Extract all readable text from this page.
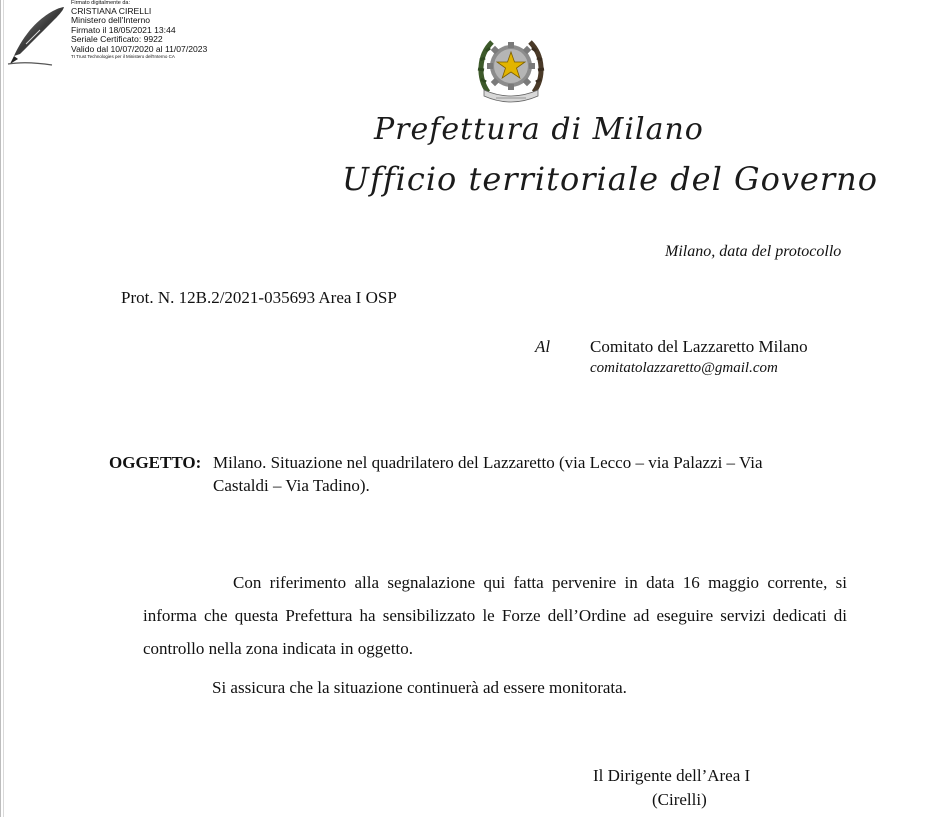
Firmato digitalmente da:
CRISTIANA CIRELLI
Ministero dell'Interno
Firmato il 18/05/2021 13:44
Seriale Certificato: 9922
Valido dal 10/07/2020 al 11/07/2023
TI Trust Technologies per il Ministero dell'Interno CA
Prefettura di Milano
Ufficio territoriale del Governo
Milano, data del protocollo
Prot. N. 12B.2/2021-035693 Area I OSP
Al Comitato del Lazzaretto Milano
comitatolazzaretto@gmail.com
OGGETTO: Milano. Situazione nel quadrilatero del Lazzaretto (via Lecco – via Palazzi – Via
Castaldi – Via Tadino).
Con riferimento alla segnalazione qui fatta pervenire in data 16 maggio corrente, si informa che questa Prefettura ha sensibilizzato le Forze dell’Ordine ad eseguire servizi dedicati di controllo nella zona indicata in oggetto.
Si assicura che la situazione continuerà ad essere monitorata.
Il Dirigente dell’Area I
(Cirelli)
